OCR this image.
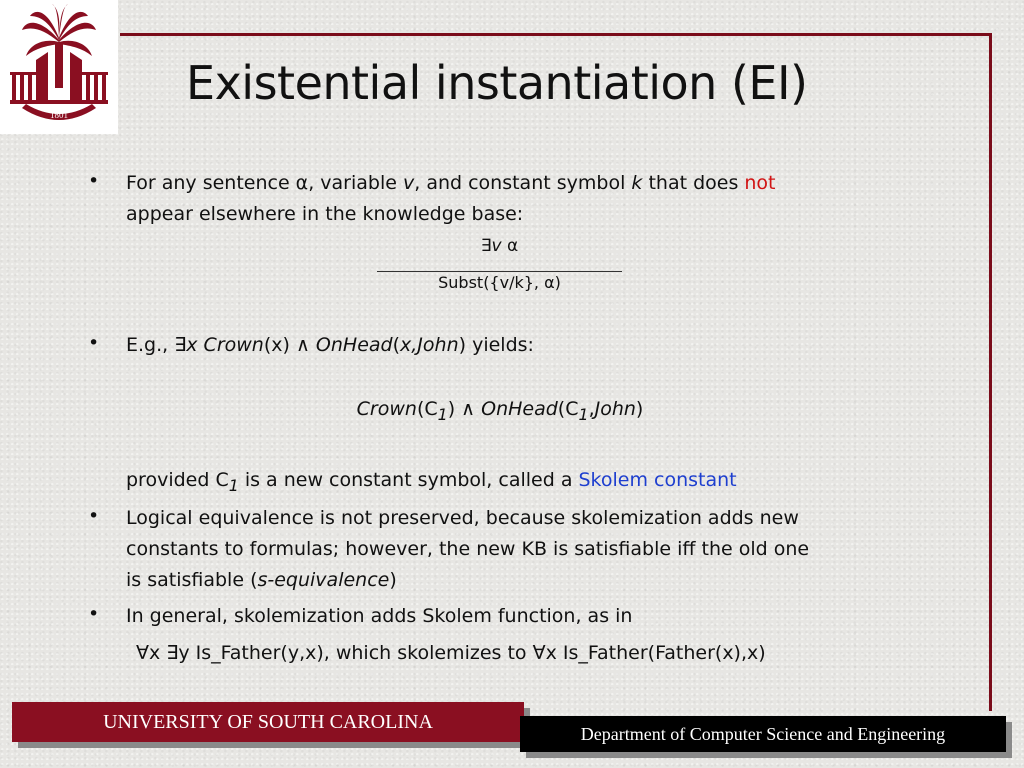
1801
Existential instantiation (EI)
• For any sentence α, variable v, and constant symbol k that does not
appear elsewhere in the knowledge base:
∃v α
Subst({v/k}, α)
• E.g., ∃x Crown(x) ∧ OnHead(x,John) yields:
$Crown(C_1)$ ∧ $OnHead(C_1,John)$
provided $C_1$ is a new constant symbol, called a Skolem constant
• Logical equivalence is not preserved, because skolemization adds new
constants to formulas; however, the new KB is satisfiable iff the old one
is satisfiable (s-equivalence)
• In general, skolemization adds Skolem function, as in
∀x ∃y Is_Father(y,x), which skolemizes to ∀x Is_Father(Father(x),x)
UNIVERSITY OF SOUTH CAROLINA
Department of Computer Science and Engineering
